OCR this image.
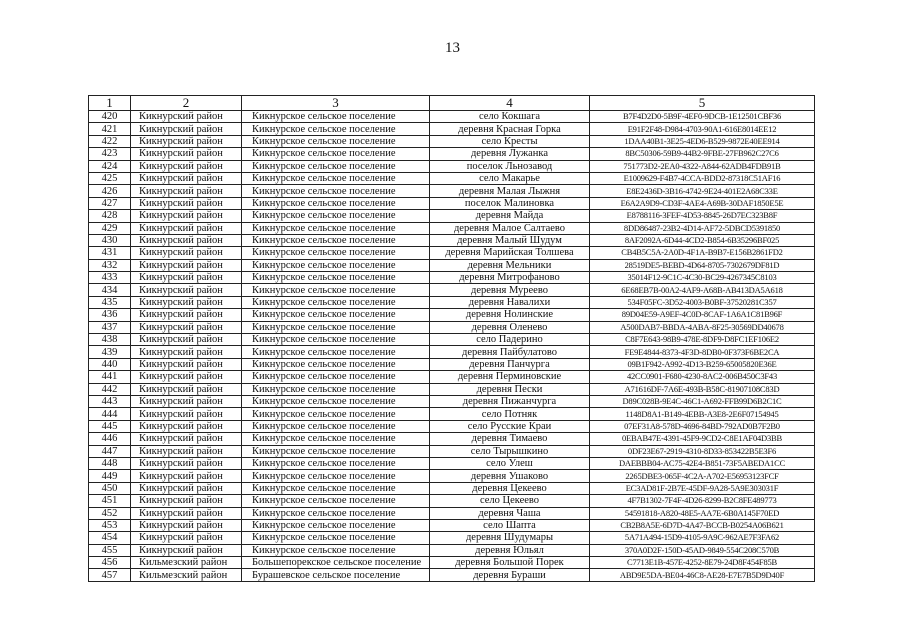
13
1	2	3	4	5
420	Кикнурский район	Кикнурское сельское поселение	село Кокшага	B7F4D2D0-5B9F-4EF0-9DCB-1E12501CBF36
421	Кикнурский район	Кикнурское сельское поселение	деревня Красная Горка	E91F2F48-D984-4703-90A1-616E8014EE12
422	Кикнурский район	Кикнурское сельское поселение	село Кресты	1DAA40B1-3E25-4ED6-B529-9872E40EE914
423	Кикнурский район	Кикнурское сельское поселение	деревня Лужанка	8BC50306-59B9-44B2-9FBE-27FB962C27C6
424	Кикнурский район	Кикнурское сельское поселение	поселок Льнозавод	751773D2-2EA0-4322-A844-62ADB4FDB91B
425	Кикнурский район	Кикнурское сельское поселение	село Макарье	E1009629-F4B7-4CCA-BDD2-87318C51AF16
426	Кикнурский район	Кикнурское сельское поселение	деревня Малая Лыжня	E8E2436D-3B16-4742-9E24-401E2A68C33E
427	Кикнурский район	Кикнурское сельское поселение	поселок Малиновка	E6A2A9D9-CD3F-4AE4-A69B-30DAF1850E5E
428	Кикнурский район	Кикнурское сельское поселение	деревня Майда	E8788116-3FEF-4D53-8845-26D7EC323B8F
429	Кикнурский район	Кикнурское сельское поселение	деревня Малое Салтаево	8DD86487-23B2-4D14-AF72-5DBCD5391850
430	Кикнурский район	Кикнурское сельское поселение	деревня Малый Шудум	8AF2092A-6D44-4CD2-B854-6B35296BF025
431	Кикнурский район	Кикнурское сельское поселение	деревня Марийская Толшева	CB4B5C5A-2A0D-4F1A-B9B7-E156B2861FD2
432	Кикнурский район	Кикнурское сельское поселение	деревня Мельники	28519DE5-BEBD-4D64-8705-7302679DF81D
433	Кикнурский район	Кикнурское сельское поселение	деревня Митрофаново	35014F12-9C1C-4C30-BC29-4267345C8103
434	Кикнурский район	Кикнурское сельское поселение	деревня Муреево	6E68EB7B-00A2-4AF9-A68B-AB413DA5A618
435	Кикнурский район	Кикнурское сельское поселение	деревня Навалихи	534F05FC-3D52-4003-B0BF-37520281C357
436	Кикнурский район	Кикнурское сельское поселение	деревня Нолинские	89D04E59-A9EF-4C0D-8CAF-1A6A1C81B96F
437	Кикнурский район	Кикнурское сельское поселение	деревня Оленево	A500DAB7-BBDA-4ABA-8F25-30569DD40678
438	Кикнурский район	Кикнурское сельское поселение	село Падерино	C8F7E643-98B9-478E-8DF9-D8FC1EF106E2
439	Кикнурский район	Кикнурское сельское поселение	деревня Пайбулатово	FE9E4844-8373-4F3D-8DB0-0F373F6BE2CA
440	Кикнурский район	Кикнурское сельское поселение	деревня Панчурга	09B1F942-A992-4D13-B259-65005820E36E
441	Кикнурский район	Кикнурское сельское поселение	деревня Перминовские	42CC0901-F680-4230-8AC2-006B450C3F43
442	Кикнурский район	Кикнурское сельское поселение	деревня Пески	A71616DF-7A6E-493B-B58C-81907108C83D
443	Кикнурский район	Кикнурское сельское поселение	деревня Пижанчурга	D89C028B-9E4C-46C1-A692-FFB99D6B2C1C
444	Кикнурский район	Кикнурское сельское поселение	село Потняк	1148D8A1-B149-4EBB-A3E8-2E6F07154945
445	Кикнурский район	Кикнурское сельское поселение	село Русские Краи	07EF31A8-578D-4696-84BD-792AD0B7F2B0
446	Кикнурский район	Кикнурское сельское поселение	деревня Тимаево	0EBAB47E-4391-45F9-9CD2-C8E1AF04D3BB
447	Кикнурский район	Кикнурское сельское поселение	село Тырышкино	0DF23E67-2919-4310-8D33-853422B5E3F6
448	Кикнурский район	Кикнурское сельское поселение	село Улеш	DAEBBB04-AC75-42E4-B851-73F5ABEDA1CC
449	Кикнурский район	Кикнурское сельское поселение	деревня Ушаково	2265DBE3-065F-4C2A-A702-E56953123FCF
450	Кикнурский район	Кикнурское сельское поселение	деревня Цекеево	EC3AD81F-2B7E-45DF-9A28-5A9E303031F
451	Кикнурский район	Кикнурское сельское поселение	село Цекеево	4F7B1302-7F4F-4D26-8299-B2C8FE489773
452	Кикнурский район	Кикнурское сельское поселение	деревня Чаша	54591818-A820-48E5-AA7E-6B0A145F70ED
453	Кикнурский район	Кикнурское сельское поселение	село Шапта	CB2B8A5E-6D7D-4A47-BCCB-B0254A06B621
454	Кикнурский район	Кикнурское сельское поселение	деревня Шудумары	5A71A494-15D9-4105-9A9C-962AE7F3FA62
455	Кикнурский район	Кикнурское сельское поселение	деревня Юльял	370A0D2F-150D-45AD-9849-554C208C570B
456	Кильмезский район	Большепорекское сельское поселение	деревня Большой Порек	C7713E1B-457E-4252-8E79-24D8F454F85B
457	Кильмезский район	Бурашевское сельское поселение	деревня Бураши	ABD9E5DA-BE04-46C8-AE28-E7E7B5D9D40F
